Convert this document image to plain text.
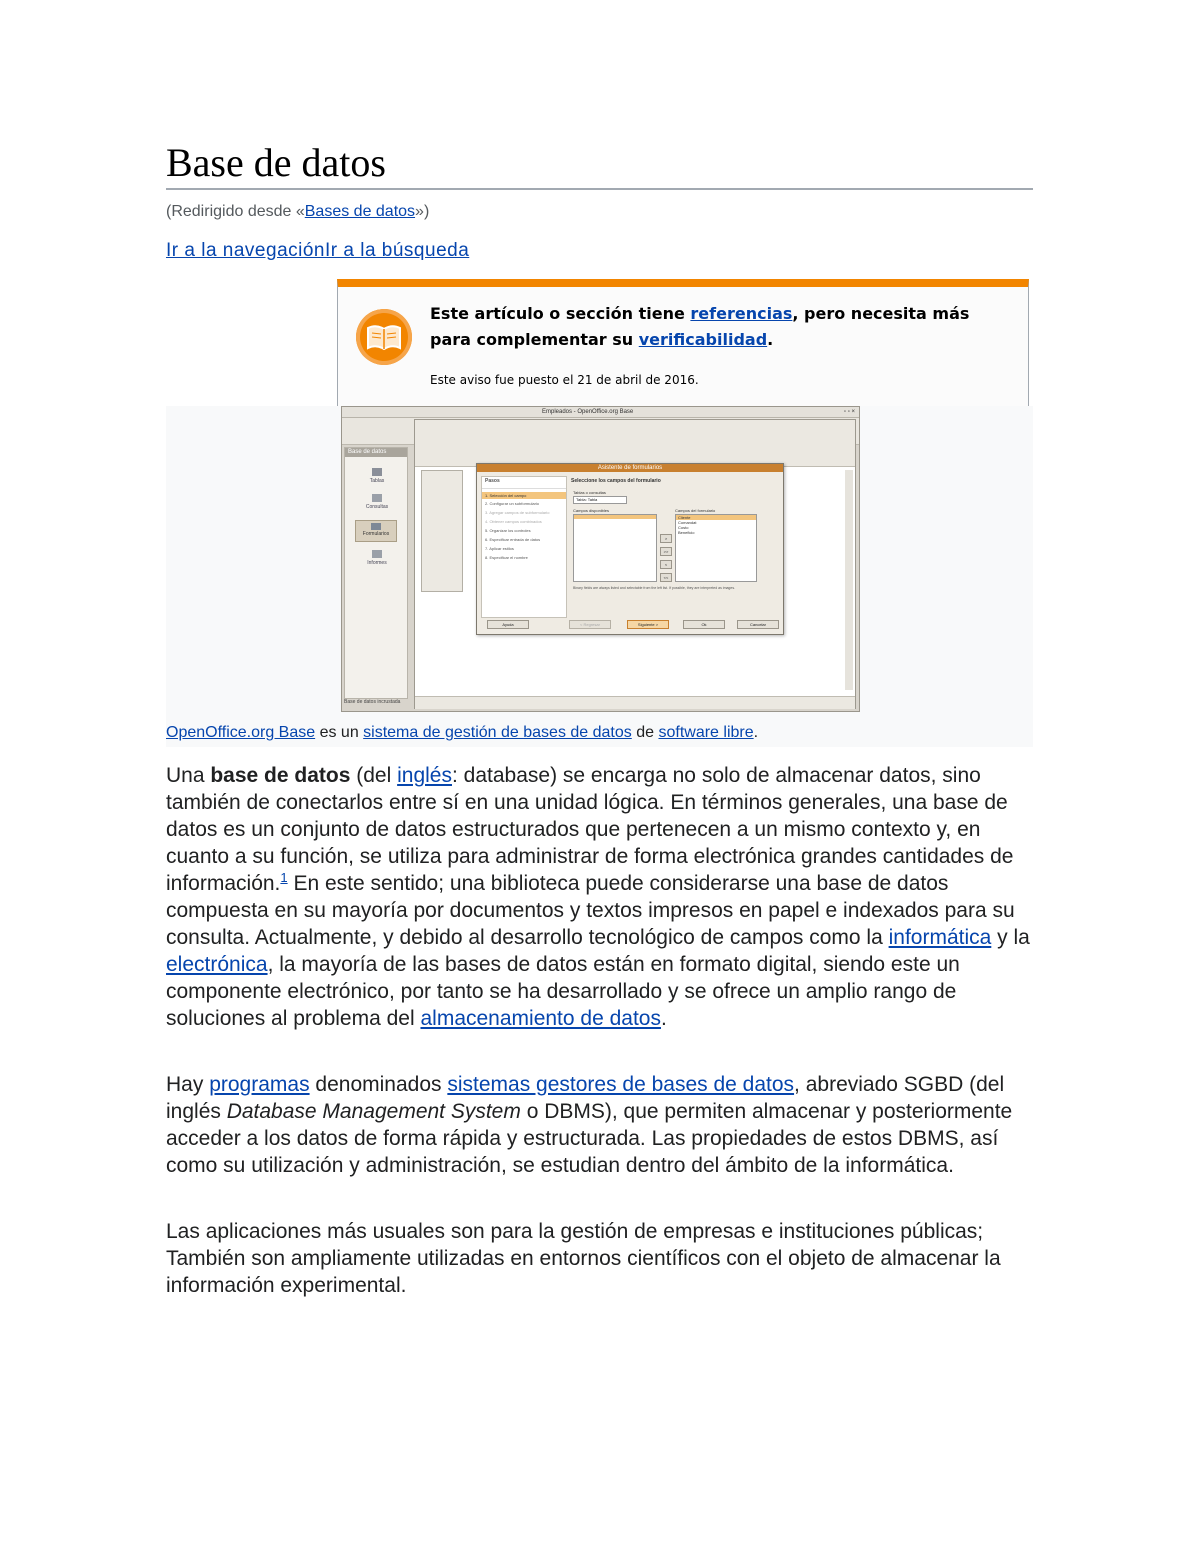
Base de datos
(Redirigido desde «Bases de datos»)
Ir a la navegaciónIr a la búsqueda
Este artículo o sección tiene referencias, pero necesita más para complementar su verificabilidad.
Este aviso fue puesto el 21 de abril de 2016.
Empleados - OpenOffice.org Base	▫ ▫ ×
Base de datos
Tablas
Consultas
Formularios
Informes
Base de datos incrustada
Asistente de formularios
Pasos
1. Selección del campo
2. Configurar un subformulario
3. Agregar campos de subformulario
4. Obtener campos combinados
5. Organizar los controles
6. Especificar entrada de datos
7. Aplicar estilos
8. Especificar el nombre
Seleccione los campos del formulario
Tablas o consultas
Tabla: Tabla
Campos disponibles
>
>>
<
<<
Campos del formulario
Cliente
Comandat
Costo
Beneficio
Binary fields are always listed and selectable from the left list. If possible, they are interpreted as images.
Ayuda	< Regresar	Siguiente >	Ok	Cancelar
OpenOffice.org Base es un sistema de gestión de bases de datos de software libre.

Una base de datos (del inglés: database) se encarga no solo de almacenar datos, sino también de conectarlos entre sí en una unidad lógica. En términos generales, una base de datos es un conjunto de datos estructurados que pertenecen a un mismo contexto y, en cuanto a su función, se utiliza para administrar de forma electrónica grandes cantidades de información.$^1$ En este sentido; una biblioteca puede considerarse una base de datos compuesta en su mayoría por documentos y textos impresos en papel e indexados para su consulta. Actualmente, y debido al desarrollo tecnológico de campos como la informática y la electrónica, la mayoría de las bases de datos están en formato digital, siendo este un componente electrónico, por tanto se ha desarrollado y se ofrece un amplio rango de soluciones al problema del almacenamiento de datos.

Hay programas denominados sistemas gestores de bases de datos, abreviado SGBD (del inglés Database Management System o DBMS), que permiten almacenar y posteriormente acceder a los datos de forma rápida y estructurada. Las propiedades de estos DBMS, así como su utilización y administración, se estudian dentro del ámbito de la informática.

Las aplicaciones más usuales son para la gestión de empresas e instituciones públicas; También son ampliamente utilizadas en entornos científicos con el objeto de almacenar la información experimental.
